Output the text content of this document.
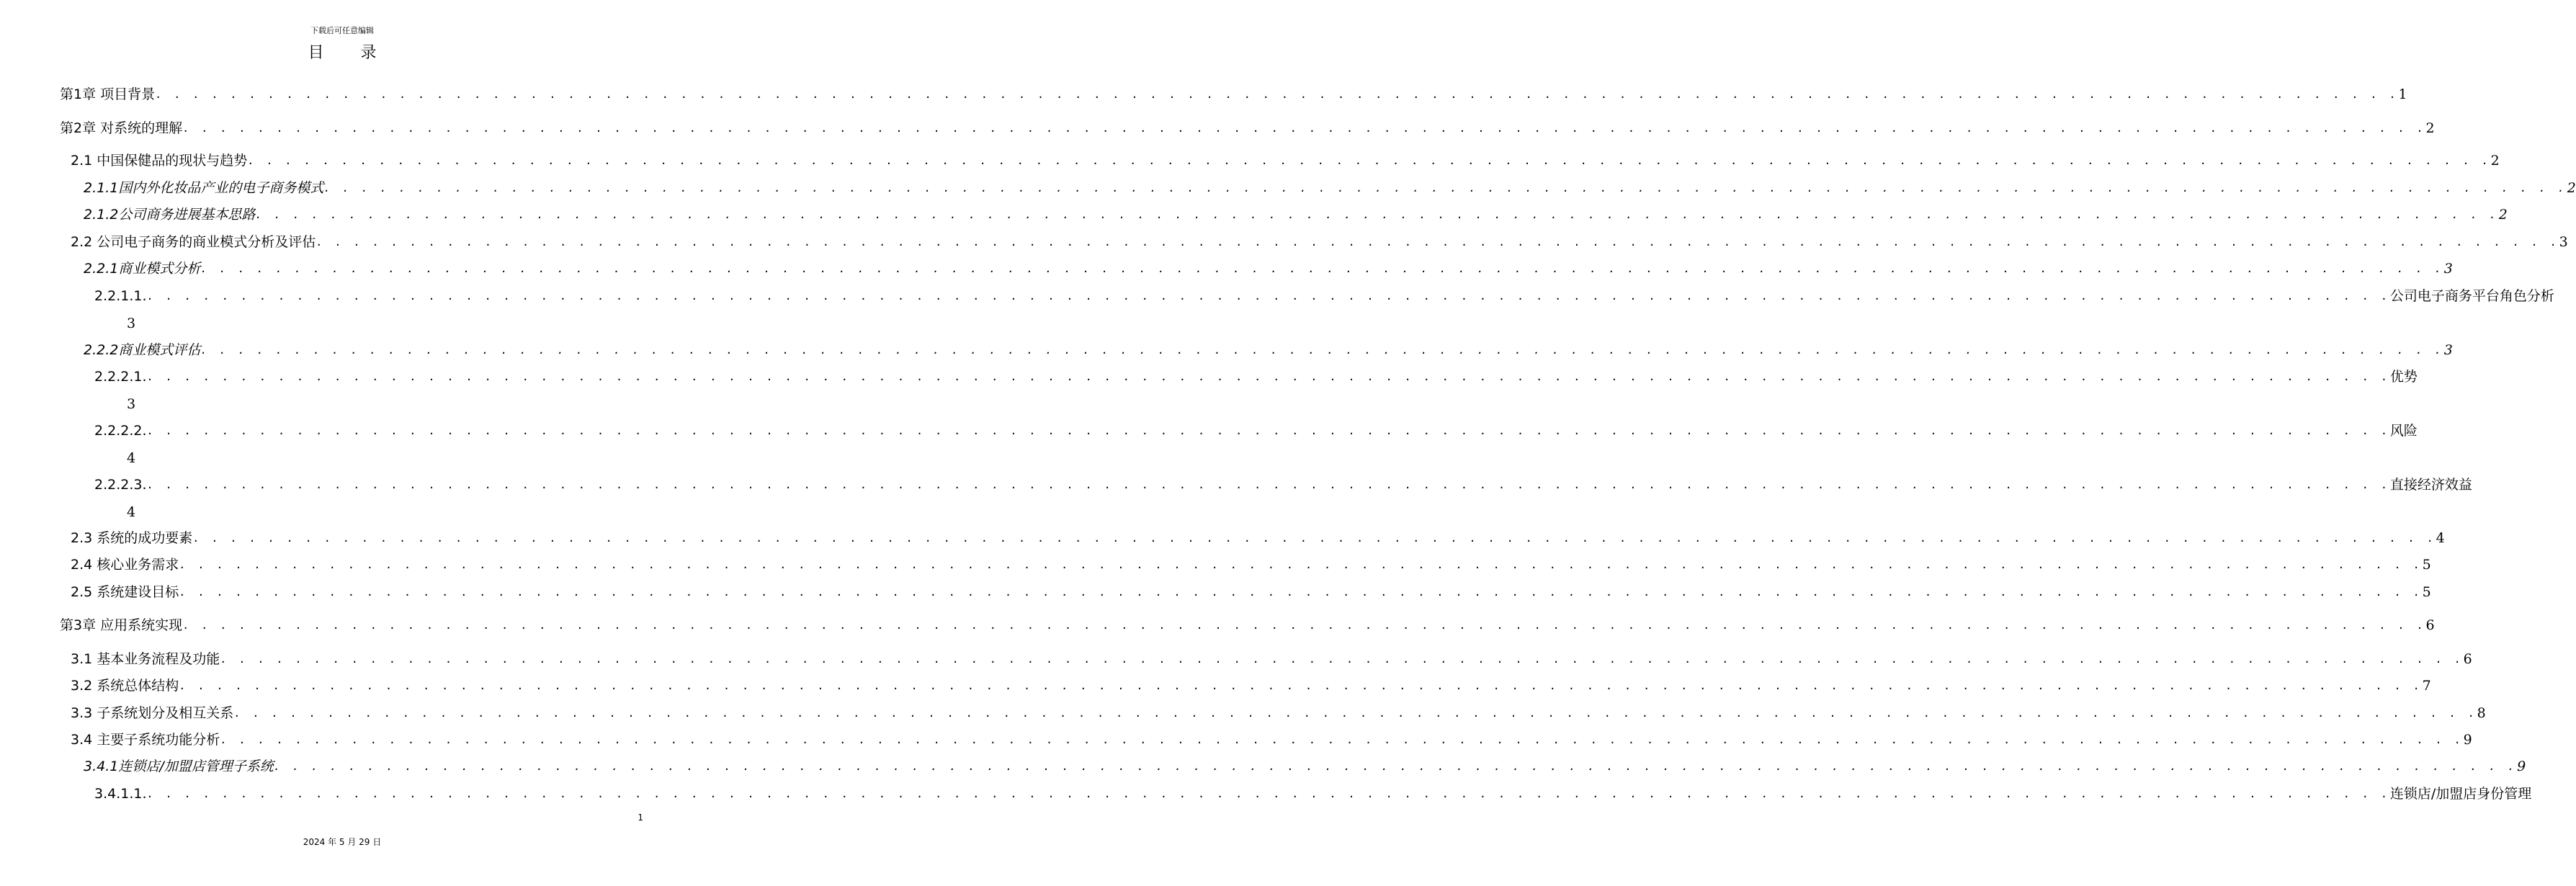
下载后可任意编辑
目 录
第1章 项目背景 . . . . . . . . . . . . . . . . . . . . . . . . . . . . . . . . . . . . . . . . . . . . . . . . . . . . . . . . . . . . . . . . . . . . . . . . . . . . . . . . . . . . . . . . . . . . . . . . . . . . . . . . . . . . . . . . . . . . . . . . 1
第2章 对系统的理解 . . . . . . . . . . . . . . . . . . . . . . . . . . . . . . . . . . . . . . . . . . . . . . . . . . . . . . . . . . . . . . . . . . . . . . . . . . . . . . . . . . . . . . . . . . . . . . . . . . . . . . . . . . . . . . . . . . . . . . . . 2
2.1 中国保健品的现状与趋势 . . . . . . . . . . . . . . . . . . . . . . . . . . . . . . . . . . . . . . . . . . . . . . . . . . . . . . . . . . . . . . . . . . . . . . . . . . . . . . . . . . . . . . . . . . . . . . . . . . . . . . . . . . . . . . . . . . . . . . . . 2
2.1.1国内外化妆品产业的电子商务模式 . . . . . . . . . . . . . . . . . . . . . . . . . . . . . . . . . . . . . . . . . . . . . . . . . . . . . . . . . . . . . . . . . . . . . . . . . . . . . . . . . . . . . . . . . . . . . . . . . . . . . . . . . . . . . . . . . . . . . . . . 2
2.1.2公司商务进展基本思路 . . . . . . . . . . . . . . . . . . . . . . . . . . . . . . . . . . . . . . . . . . . . . . . . . . . . . . . . . . . . . . . . . . . . . . . . . . . . . . . . . . . . . . . . . . . . . . . . . . . . . . . . . . . . . . . . . . . . . . . . 2
2.2 公司电子商务的商业模式分析及评估 . . . . . . . . . . . . . . . . . . . . . . . . . . . . . . . . . . . . . . . . . . . . . . . . . . . . . . . . . . . . . . . . . . . . . . . . . . . . . . . . . . . . . . . . . . . . . . . . . . . . . . . . . . . . . . . . . . . . . . . . 3
2.2.1商业模式分析 . . . . . . . . . . . . . . . . . . . . . . . . . . . . . . . . . . . . . . . . . . . . . . . . . . . . . . . . . . . . . . . . . . . . . . . . . . . . . . . . . . . . . . . . . . . . . . . . . . . . . . . . . . . . . . . . . . . . . . . . 3
2.2.1.1. . . . . . . . . . . . . . . . . . . . . . . . . . . . . . . . . . . . . . . . . . . . . . . . . . . . . . . . . . . . . . . . . . . . . . . . . . . . . . . . . . . . . . . . . . . . . . . . . . . . . . . . . . . . . . . . . . . . . . . . . 公司电子商务平台角色分析
3
2.2.2商业模式评估 . . . . . . . . . . . . . . . . . . . . . . . . . . . . . . . . . . . . . . . . . . . . . . . . . . . . . . . . . . . . . . . . . . . . . . . . . . . . . . . . . . . . . . . . . . . . . . . . . . . . . . . . . . . . . . . . . . . . . . . . 3
2.2.2.1. . . . . . . . . . . . . . . . . . . . . . . . . . . . . . . . . . . . . . . . . . . . . . . . . . . . . . . . . . . . . . . . . . . . . . . . . . . . . . . . . . . . . . . . . . . . . . . . . . . . . . . . . . . . . . . . . . . . . . . . . 优势
3
2.2.2.2. . . . . . . . . . . . . . . . . . . . . . . . . . . . . . . . . . . . . . . . . . . . . . . . . . . . . . . . . . . . . . . . . . . . . . . . . . . . . . . . . . . . . . . . . . . . . . . . . . . . . . . . . . . . . . . . . . . . . . . . . 风险
4
2.2.2.3. . . . . . . . . . . . . . . . . . . . . . . . . . . . . . . . . . . . . . . . . . . . . . . . . . . . . . . . . . . . . . . . . . . . . . . . . . . . . . . . . . . . . . . . . . . . . . . . . . . . . . . . . . . . . . . . . . . . . . . . . 直接经济效益
4
2.3 系统的成功要素 . . . . . . . . . . . . . . . . . . . . . . . . . . . . . . . . . . . . . . . . . . . . . . . . . . . . . . . . . . . . . . . . . . . . . . . . . . . . . . . . . . . . . . . . . . . . . . . . . . . . . . . . . . . . . . . . . . . . . . . . 4
2.4 核心业务需求 . . . . . . . . . . . . . . . . . . . . . . . . . . . . . . . . . . . . . . . . . . . . . . . . . . . . . . . . . . . . . . . . . . . . . . . . . . . . . . . . . . . . . . . . . . . . . . . . . . . . . . . . . . . . . . . . . . . . . . . . 5
2.5 系统建设目标 . . . . . . . . . . . . . . . . . . . . . . . . . . . . . . . . . . . . . . . . . . . . . . . . . . . . . . . . . . . . . . . . . . . . . . . . . . . . . . . . . . . . . . . . . . . . . . . . . . . . . . . . . . . . . . . . . . . . . . . . 5
第3章 应用系统实现 . . . . . . . . . . . . . . . . . . . . . . . . . . . . . . . . . . . . . . . . . . . . . . . . . . . . . . . . . . . . . . . . . . . . . . . . . . . . . . . . . . . . . . . . . . . . . . . . . . . . . . . . . . . . . . . . . . . . . . . . 6
3.1 基本业务流程及功能 . . . . . . . . . . . . . . . . . . . . . . . . . . . . . . . . . . . . . . . . . . . . . . . . . . . . . . . . . . . . . . . . . . . . . . . . . . . . . . . . . . . . . . . . . . . . . . . . . . . . . . . . . . . . . . . . . . . . . . . . 6
3.2 系统总体结构 . . . . . . . . . . . . . . . . . . . . . . . . . . . . . . . . . . . . . . . . . . . . . . . . . . . . . . . . . . . . . . . . . . . . . . . . . . . . . . . . . . . . . . . . . . . . . . . . . . . . . . . . . . . . . . . . . . . . . . . . 7
3.3 子系统划分及相互关系 . . . . . . . . . . . . . . . . . . . . . . . . . . . . . . . . . . . . . . . . . . . . . . . . . . . . . . . . . . . . . . . . . . . . . . . . . . . . . . . . . . . . . . . . . . . . . . . . . . . . . . . . . . . . . . . . . . . . . . . . 8
3.4 主要子系统功能分析 . . . . . . . . . . . . . . . . . . . . . . . . . . . . . . . . . . . . . . . . . . . . . . . . . . . . . . . . . . . . . . . . . . . . . . . . . . . . . . . . . . . . . . . . . . . . . . . . . . . . . . . . . . . . . . . . . . . . . . . . 9
3.4.1连锁店/加盟店管理子系统 . . . . . . . . . . . . . . . . . . . . . . . . . . . . . . . . . . . . . . . . . . . . . . . . . . . . . . . . . . . . . . . . . . . . . . . . . . . . . . . . . . . . . . . . . . . . . . . . . . . . . . . . . . . . . . . . . . . . . . . . 9
3.4.1.1. . . . . . . . . . . . . . . . . . . . . . . . . . . . . . . . . . . . . . . . . . . . . . . . . . . . . . . . . . . . . . . . . . . . . . . . . . . . . . . . . . . . . . . . . . . . . . . . . . . . . . . . . . . . . . . . . . . . . . . . . 连锁店/加盟店身份管理
1
2024 年 5 月 29 日
